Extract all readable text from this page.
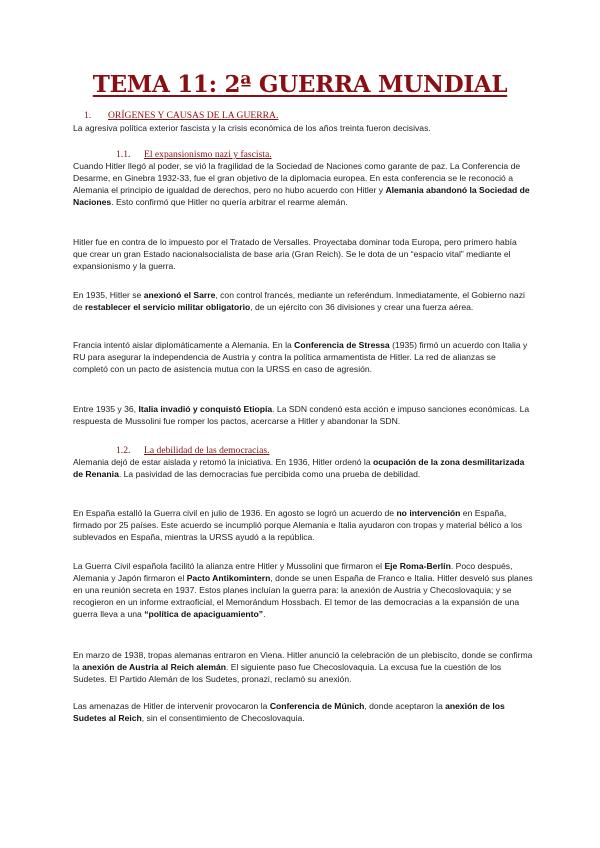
TEMA 11: 2ª GUERRA MUNDIAL
1. ORÍGENES Y CAUSAS DE LA GUERRA.

La agresiva política exterior fascista y la crisis económica de los años treinta fueron decisivas.

1.1. El expansionismo nazi y fascista.

Cuando Hitler llegó al poder, se vió la fragilidad de la Sociedad de Naciones como garante de paz. La Conferencia de Desarme, en Ginebra 1932-33, fue el gran objetivo de la diplomacia europea. En esta conferencia se le reconoció a Alemania el principio de igualdad de derechos, pero no hubo acuerdo con Hitler y Alemania abandonó la Sociedad de Naciones. Esto confirmó que Hitler no quería arbitrar el rearme alemán.

Hitler fue en contra de lo impuesto por el Tratado de Versalles. Proyectaba dominar toda Europa, pero primero había que crear un gran Estado nacionalsocialista de base aria (Gran Reich). Se le dota de un “espacio vital” mediante el expansionismo y la guerra.

En 1935, Hitler se anexionó el Sarre, con control francés, mediante un referéndum. Inmediatamente, el Gobierno nazi de restablecer el servicio militar obligatorio, de un ejército con 36 divisiones y crear una fuerza aérea.

Francia intentó aislar diplomáticamente a Alemania. En la Conferencia de Stressa (1935) firmó un acuerdo con Italia y RU para asegurar la independencia de Austria y contra la política armamentista de Hitler. La red de alianzas se completó con un pacto de asistencia mutua con la URSS en caso de agresión.

Entre 1935 y 36, Italia invadió y conquistó Etiopía. La SDN condenó esta acción e impuso sanciones económicas. La respuesta de Mussolini fue romper los pactos, acercarse a Hitler y abandonar la SDN.

1.2. La debilidad de las democracias.

Alemania dejó de estar aislada y retomó la iniciativa. En 1936, Hitler ordenó la ocupación de la zona desmilitarizada de Renania. La pasividad de las democracias fue percibida como una prueba de debilidad.

En España estalló la Guerra civil en julio de 1936. En agosto se logró un acuerdo de no intervención en España, firmado por 25 países. Este acuerdo se incumplió porque Alemania e Italia ayudaron con tropas y material bélico a los sublevados en España, mientras la URSS ayudó a la república.

La Guerra Civil española facilitó la alianza entre Hitler y Mussolini que firmaron el Eje Roma-Berlín. Poco después, Alemania y Japón firmaron el Pacto Antikomintern, donde se unen España de Franco e Italia. Hitler desveló sus planes en una reunión secreta en 1937. Estos planes incluían la guerra para: la anexión de Austria y Checoslovaquia; y se recogieron en un informe extraoficial, el Memorándum Hossbach. El temor de las democracias a la expansión de una guerra lleva a una “política de apaciguamiento”.

En marzo de 1938, tropas alemanas entraron en Viena. Hitler anunció la celebración de un plebiscito, donde se confirma la anexión de Austria al Reich alemán. El siguiente paso fue Checoslovaquia. La excusa fue la cuestión de los Sudetes. El Partido Alemán de los Sudetes, pronazi, reclamó su anexión.

Las amenazas de Hitler de intervenir provocaron la Conferencia de Múnich, donde aceptaron la anexión de los Sudetes al Reich, sin el consentimiento de Checoslovaquia.
